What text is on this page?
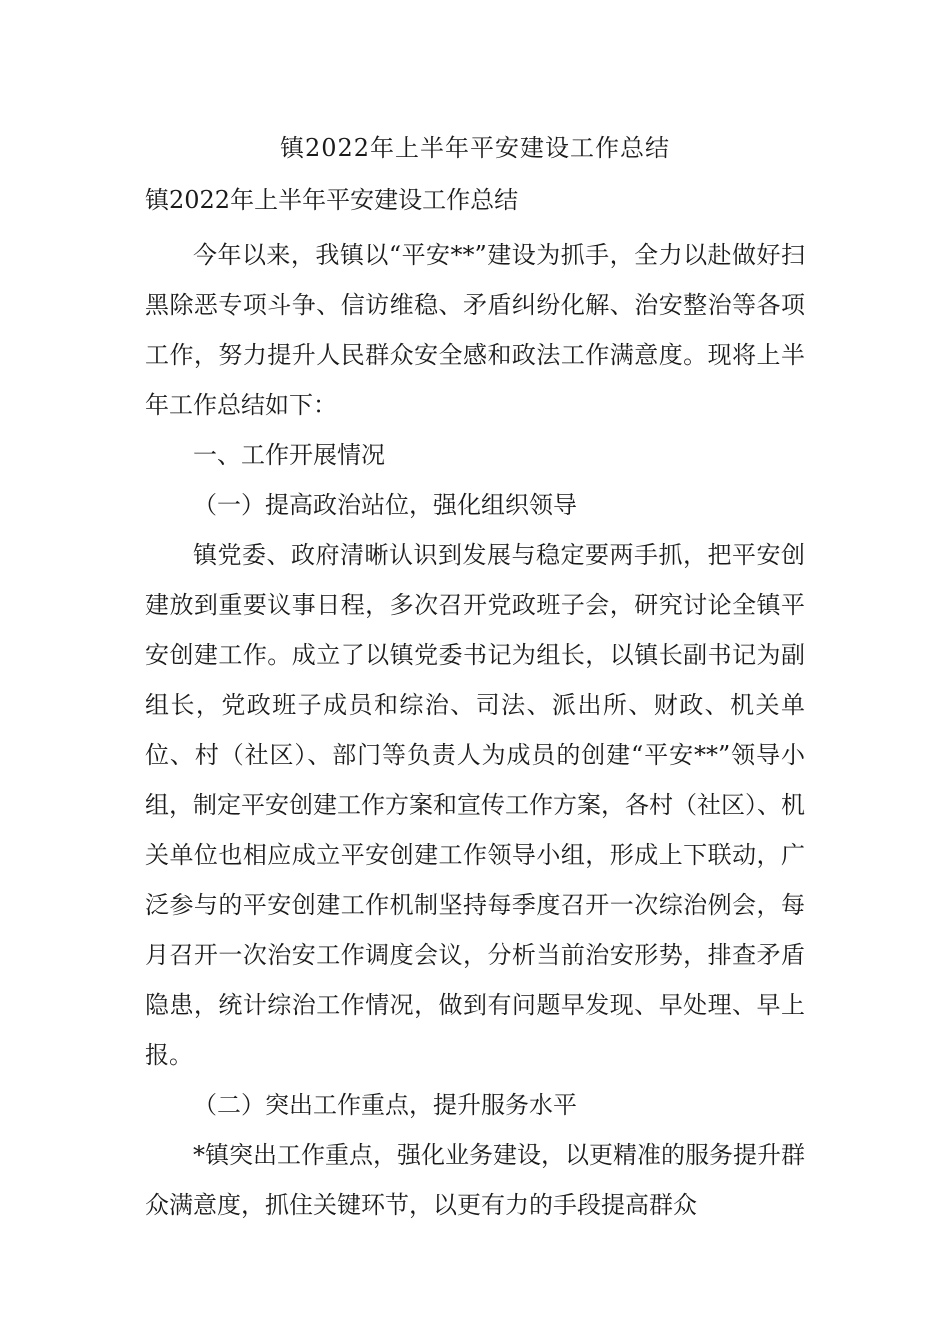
镇2022年上半年平安建设工作总结
镇2022年上半年平安建设工作总结

今年以来，我镇以“平安**”建设为抓手，全力以赴做好扫黑除恶专项斗争、信访维稳、矛盾纠纷化解、治安整治等各项工作，努力提升人民群众安全感和政法工作满意度。现将上半年工作总结如下：

一、工作开展情况

（一）提高政治站位，强化组织领导

镇党委、政府清晰认识到发展与稳定要两手抓，把平安创建放到重要议事日程，多次召开党政班子会，研究讨论全镇平安创建工作。成立了以镇党委书记为组长，以镇长副书记为副组长，党政班子成员和综治、司法、派出所、财政、机关单位、村（社区）、部门等负责人为成员的创建“平安**”领导小组，制定平安创建工作方案和宣传工作方案，各村（社区）、机关单位也相应成立平安创建工作领导小组，形成上下联动，广泛参与的平安创建工作机制坚持每季度召开一次综治例会，每月召开一次治安工作调度会议，分析当前治安形势，排查矛盾隐患，统计综治工作情况，做到有问题早发现、早处理、早上报。

（二）突出工作重点，提升服务水平

*镇突出工作重点，强化业务建设，以更精准的服务提升群众满意度，抓住关键环节，以更有力的手段提高群众
